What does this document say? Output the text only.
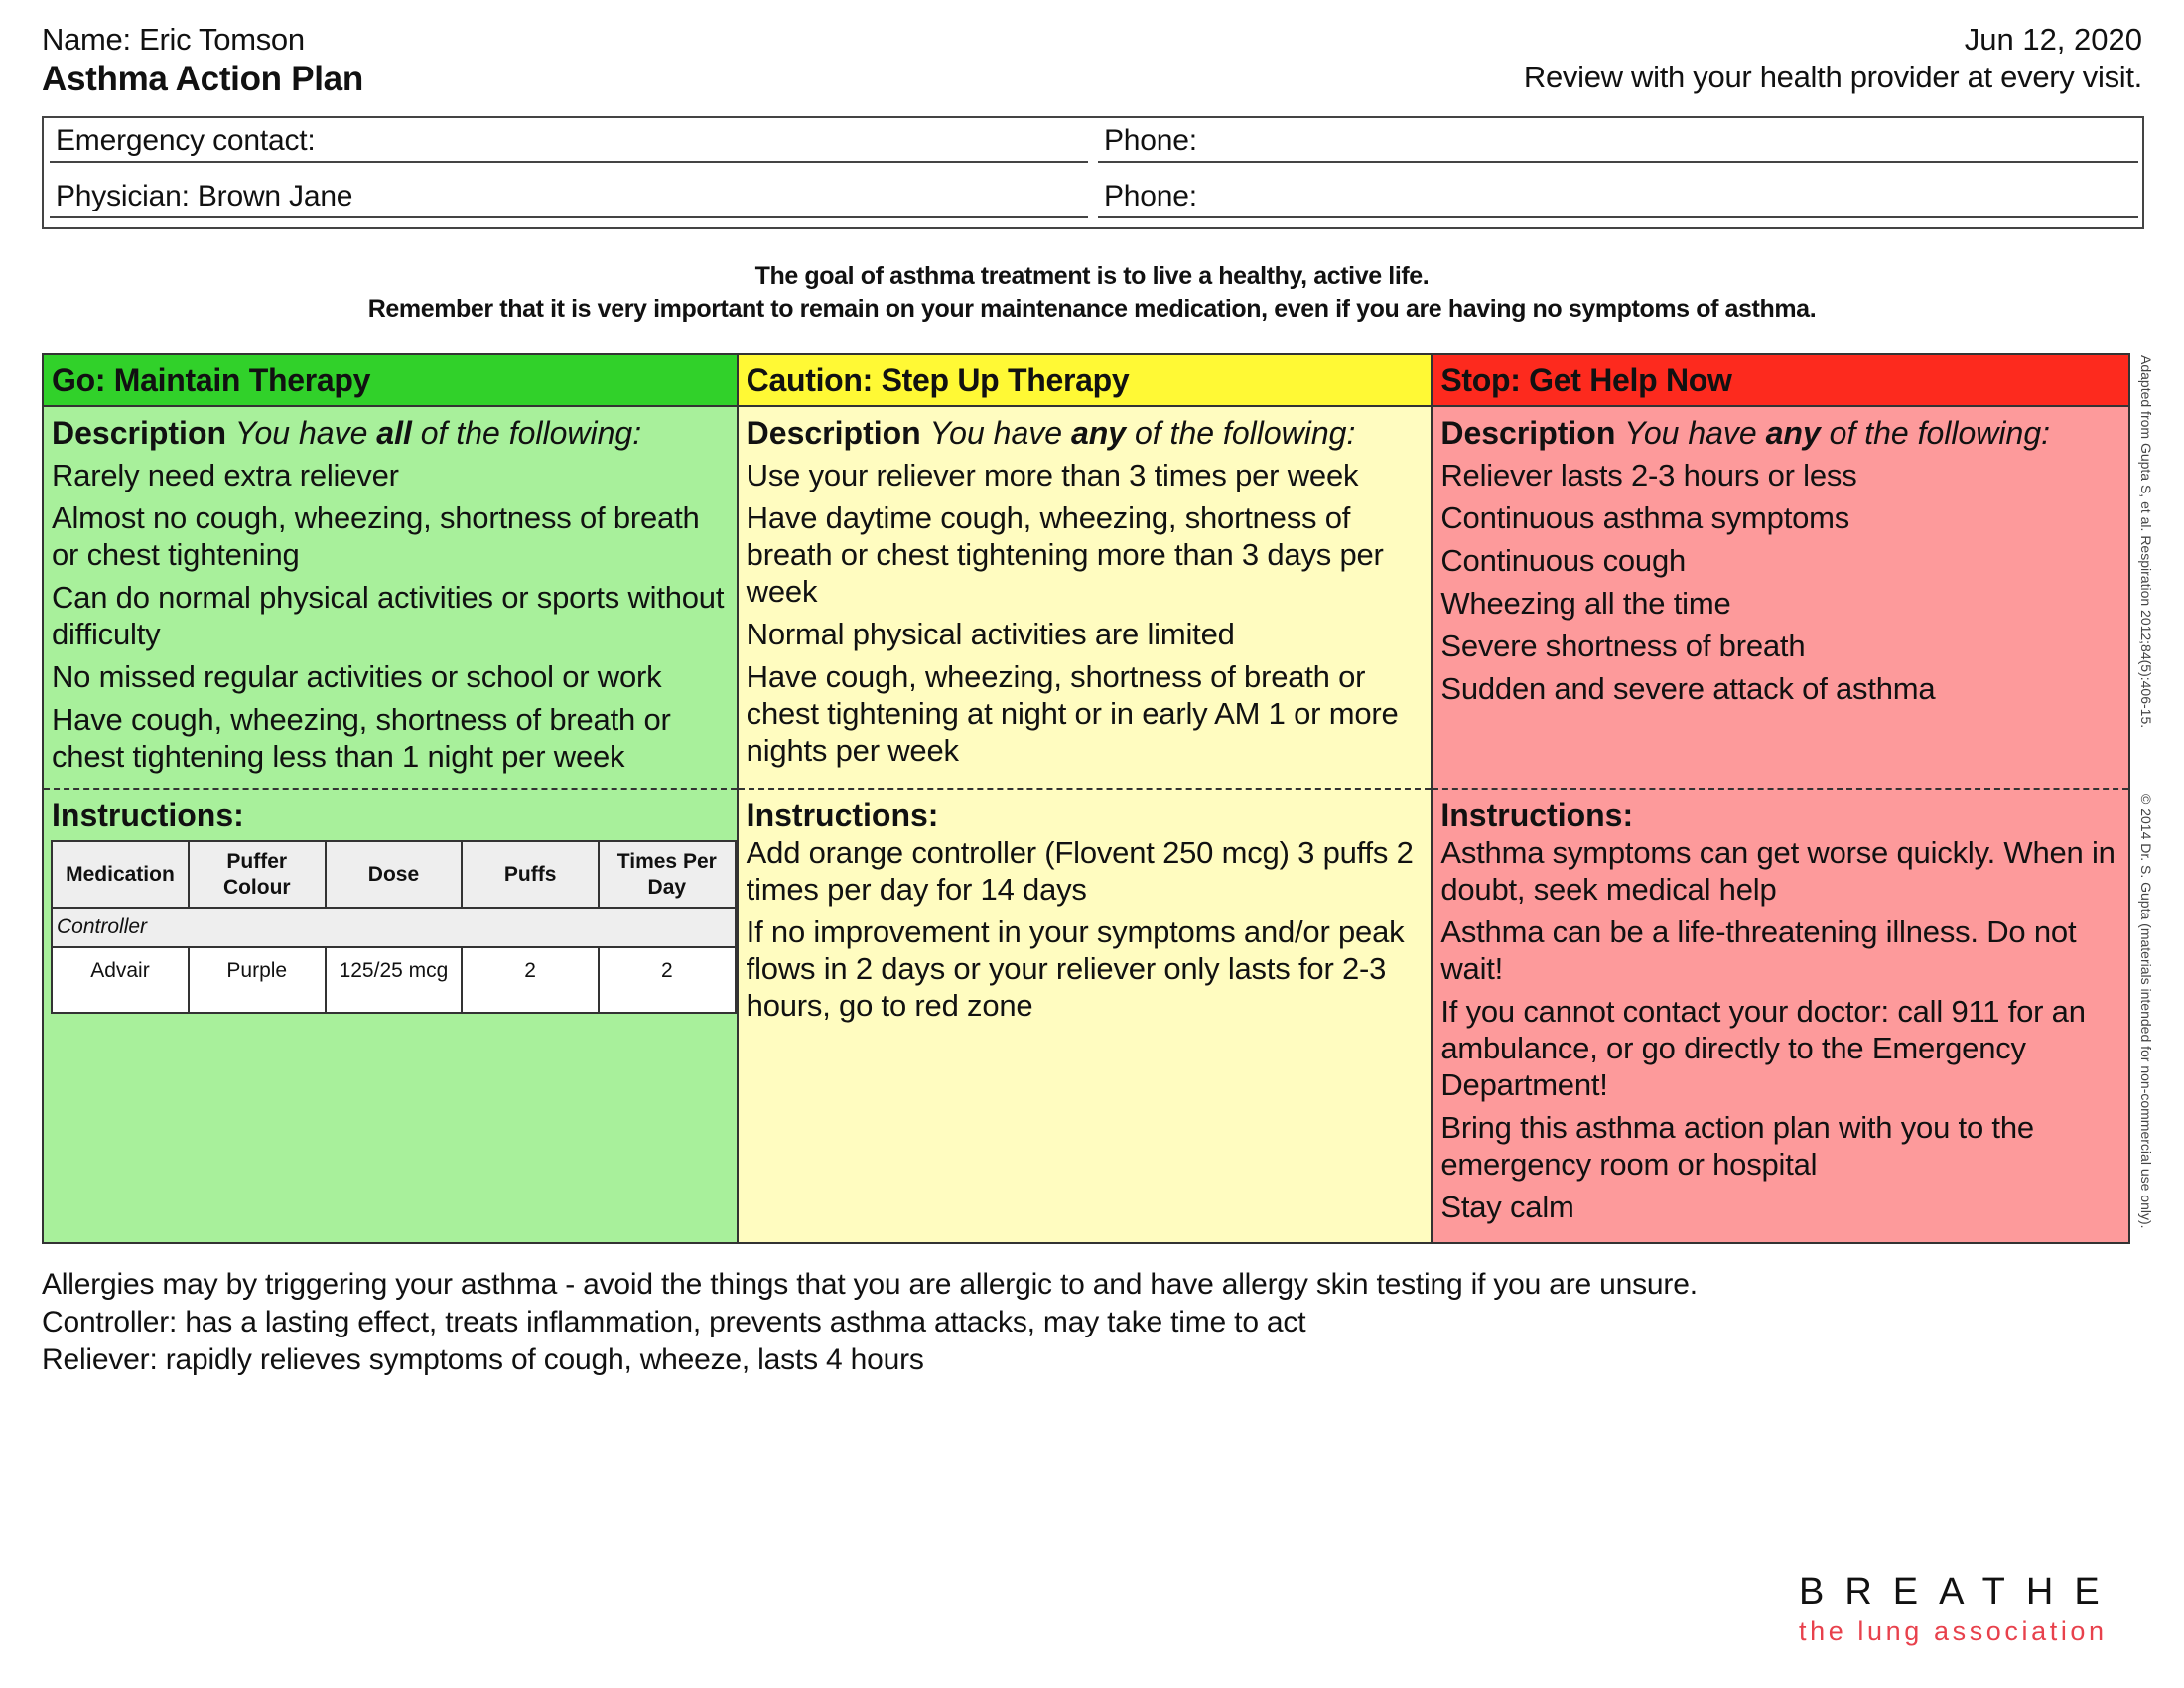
Name: Eric Tomson
Asthma Action Plan
Jun 12, 2020
Review with your health provider at every visit.
Emergency contact:	Phone:
Physician: Brown Jane	Phone:
The goal of asthma treatment is to live a healthy, active life.
Remember that it is very important to remain on your maintenance medication, even if you are having no symptoms of asthma.
Go: Maintain Therapy
Description You have all of the following:
Rarely need extra reliever
Almost no cough, wheezing, shortness of breath or chest tightening
Can do normal physical activities or sports without difficulty
No missed regular activities or school or work
Have cough, wheezing, shortness of breath or chest tightening less than 1 night per week
Instructions:
Medication	Puffer Colour	Dose	Puffs	Times Per Day
Controller				
Advair	Purple	125/25 mcg	2	2
Caution: Step Up Therapy
Description You have any of the following:
Use your reliever more than 3 times per week
Have daytime cough, wheezing, shortness of breath or chest tightening more than 3 days per week
Normal physical activities are limited
Have cough, wheezing, shortness of breath or chest tightening at night or in early AM 1 or more nights per week
Instructions:
Add orange controller (Flovent 250 mcg) 3 puffs 2 times per day for 14 days
If no improvement in your symptoms and/or peak flows in 2 days or your reliever only lasts for 2-3 hours, go to red zone
Stop: Get Help Now
Description You have any of the following:
Reliever lasts 2-3 hours or less
Continuous asthma symptoms
Continuous cough
Wheezing all the time
Severe shortness of breath
Sudden and severe attack of asthma
Instructions:
Asthma symptoms can get worse quickly. When in doubt, seek medical help
Asthma can be a life-threatening illness. Do not wait!
If you cannot contact your doctor: call 911 for an ambulance, or go directly to the Emergency Department!
Bring this asthma action plan with you to the emergency room or hospital
Stay calm
Adapted from Gupta S, et al. Respiration 2012;84(5):406-15.
© 2014 Dr. S. Gupta (materials intended for non-commercial use only).
Allergies may by triggering your asthma - avoid the things that you are allergic to and have allergy skin testing if you are unsure.
Controller: has a lasting effect, treats inflammation, prevents asthma attacks, may take time to act
Reliever: rapidly relieves symptoms of cough, wheeze, lasts 4 hours
BREATHE
the lung association
